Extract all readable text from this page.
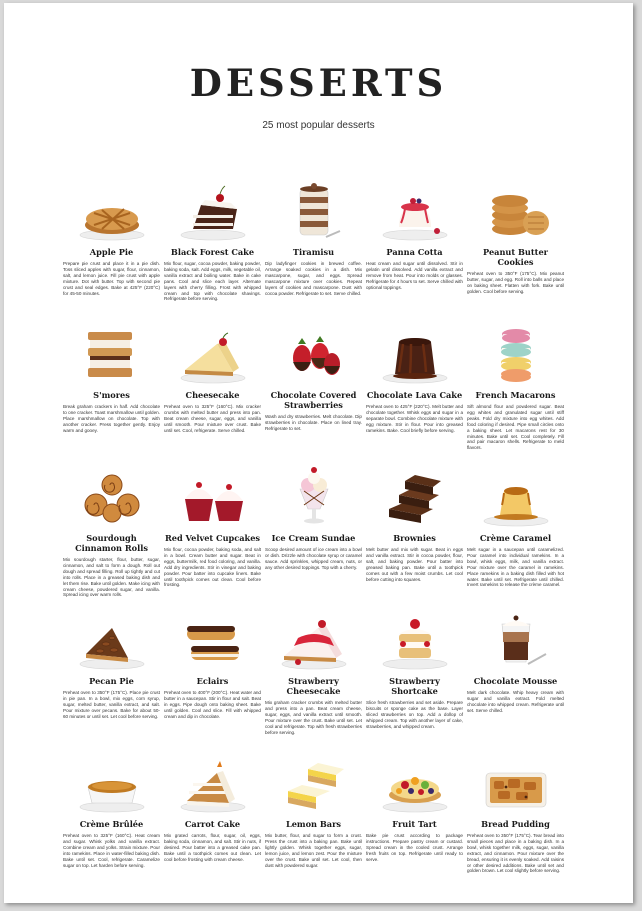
DESSERTS
25 most popular desserts
Apple Pie
Prepare pie crust and place it in a pie dish. Toss sliced apples with sugar, flour, cinnamon, salt, and lemon juice. Fill pie crust with apple mixture. Dot with butter. Top with second pie crust and seal edges. Bake at 425°F (220°C) for 45-50 minutes.
Black Forest Cake
Mix flour, sugar, cocoa powder, baking powder, baking soda, salt. Add eggs, milk, vegetable oil, vanilla extract and boiling water. Bake in cake pans. Cool and slice each layer. Alternate layers with cherry filling. Frost with whipped cream and top with chocolate shavings. Refrigerate before serving.
Tiramisu
Dip ladyfinger cookies in brewed coffee. Arrange soaked cookies in a dish. Mix mascarpone, sugar, and eggs. Spread mascarpone mixture over cookies. Repeat layers of cookies and mascarpone. Dust with cocoa powder. Refrigerate to set. Serve chilled.
Panna Cotta
Heat cream and sugar until dissolved. Stir in gelatin until dissolved. Add vanilla extract and remove from heat. Pour into molds or glasses. Refrigerate for 4 hours to set. Serve chilled with optional toppings.
Peanut Butter Cookies
Preheat oven to 350°F (175°C). Mix peanut butter, sugar, and egg. Roll into balls and place on baking sheet. Flatten with fork. Bake until golden. Cool before serving.
S'mores
Break graham crackers in half. Add chocolate to one cracker. Toast marshmallow until golden. Place marshmallow on chocolate. Top with another cracker. Press together gently. Enjoy warm and gooey.
Cheesecake
Preheat oven to 325°F (160°C). Mix cracker crumbs with melted butter and press into pan. Beat cream cheese, sugar, eggs, and vanilla until smooth. Pour mixture over crust. Bake until set. Cool, refrigerate. Serve chilled.
Chocolate Covered Strawberries
Wash and dry strawberries. Melt chocolate. Dip strawberries in chocolate. Place on lined tray. Refrigerate to set.
Chocolate Lava Cake
Preheat oven to 425°F (220°C). Melt butter and chocolate together. Whisk eggs and sugar in a separate bowl. Combine chocolate mixture with egg mixture. Stir in flour. Pour into greased ramekins. Bake. Cool briefly before serving.
French Macarons
Sift almond flour and powdered sugar. Beat egg whites and granulated sugar until stiff peaks. Fold dry mixture into egg whites. Add food coloring if desired. Pipe small circles onto a baking sheet. Let macarons rest for 30 minutes. Bake until set. Cool completely. Fill and pair macaron shells. Refrigerate to meld flavors.
Sourdough Cinnamon Rolls
Mix sourdough starter, flour, butter, sugar, cinnamon, and salt to form a dough. Roll out dough and spread filling. Roll up tightly and cut into rolls. Place in a greased baking dish and let them rise. Bake until golden. Make icing with cream cheese, powdered sugar, and vanilla. Spread icing over warm rolls.
Red Velvet Cupcakes
Mix flour, cocoa powder, baking soda, and salt in a bowl. Cream butter and sugar. Beat in eggs, buttermilk, red food coloring, and vanilla. Add dry ingredients. Stir in vinegar and baking powder. Pour batter into cupcake liners. Bake until toothpick comes out clean. Cool before frosting.
Ice Cream Sundae
Scoop desired amount of ice cream into a bowl or dish. Drizzle with chocolate syrup or caramel sauce. Add sprinkles, whipped cream, nuts, or any other desired toppings. Top with a cherry.
Brownies
Melt butter and mix with sugar. Beat in eggs and vanilla extract. Stir in cocoa powder, flour, salt, and baking powder. Pour batter into greased baking pan. Bake until a toothpick comes out with a few moist crumbs. Let cool before cutting into squares.
Crème Caramel
Melt sugar in a saucepan until caramelized. Pour caramel into individual ramekins. In a bowl, whisk eggs, milk, and vanilla extract. Pour mixture over the caramel in ramekins. Place ramekins in a baking dish filled with hot water. Bake until set. Refrigerate until chilled. Invert ramekins to release the crème caramel.
Pecan Pie
Preheat oven to 350°F (175°C). Place pie crust in pie pan. In a bowl, mix eggs, corn syrup, sugar, melted butter, vanilla extract, and salt. Pour mixture over pecans. Bake for about 50-60 minutes or until set. Let cool before serving.
Eclairs
Preheat oven to 400°F (200°C). Heat water and butter in a saucepan. Stir in flour and salt. Beat in eggs. Pipe dough onto baking sheet. Bake until golden. Cool and slice. Fill with whipped cream and dip in chocolate.
Strawberry Cheesecake
Mix graham cracker crumbs with melted butter and press into a pan. Beat cream cheese, sugar, eggs, and vanilla extract until smooth. Pour mixture over the crust. Bake until set. Let cool and refrigerate. Top with fresh strawberries before serving.
Strawberry Shortcake
Slice fresh strawberries and set aside. Prepare biscuits or sponge cake as the base. Layer sliced strawberries on top. Add a dollop of whipped cream. Top with another layer of cake, strawberries, and whipped cream.
Chocolate Mousse
Melt dark chocolate. Whip heavy cream with sugar and vanilla extract. Fold melted chocolate into whipped cream. Refrigerate until set. Serve chilled.
Crème Brûlée
Preheat oven to 325°F (160°C). Heat cream and sugar. Whisk yolks and vanilla extract. Combine cream and yolks. Strain mixture. Pour into ramekins. Place in water-filled baking dish. Bake until set. Cool, refrigerate. Caramelize sugar on top. Let harden before serving.
Carrot Cake
Mix grated carrots, flour, sugar, oil, eggs, baking soda, cinnamon, and salt. Stir in nuts, if desired. Pour batter into a greased cake pan. Bake until a toothpick comes out clean. Let cool before frosting with cream cheese.
Lemon Bars
Mix butter, flour, and sugar to form a crust. Press the crust into a baking pan. Bake until lightly golden. Whisk together eggs, sugar, lemon juice, and lemon zest. Pour the mixture over the crust. Bake until set. Let cool, then dust with powdered sugar.
Fruit Tart
Bake pie crust according to package instructions. Prepare pastry cream or custard. Spread cream in the cooled crust. Arrange fresh fruits on top. Refrigerate until ready to serve.
Bread Pudding
Preheat oven to 350°F (175°C). Tear bread into small pieces and place in a baking dish. In a bowl, whisk together milk, eggs, sugar, vanilla extract, and cinnamon. Pour mixture over the bread, ensuring it is evenly soaked. Add raisins or other desired additions. Bake until set and golden brown. Let cool slightly before serving.
